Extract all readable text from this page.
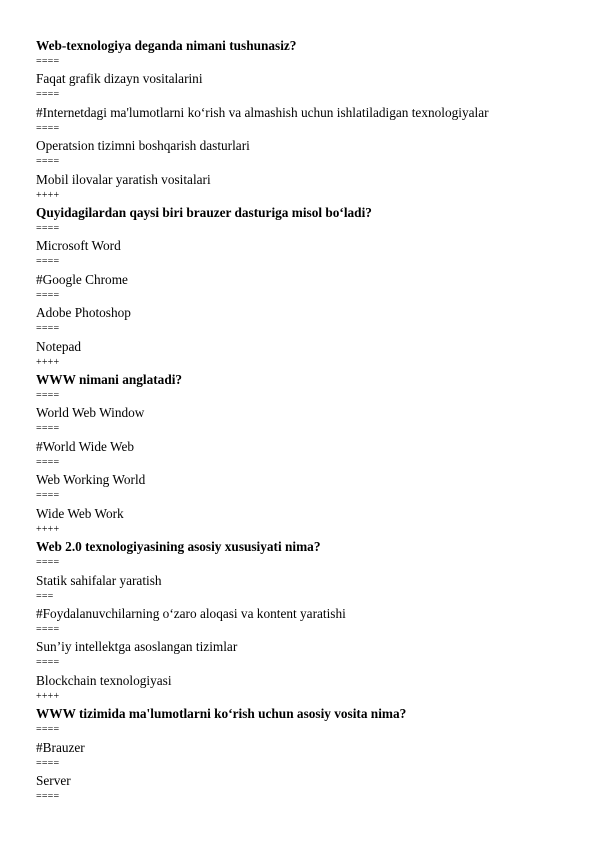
Web-texnologiya deganda nimani tushunasiz?
====
Faqat grafik dizayn vositalarini
====
#Internetdagi ma'lumotlarni ko‘rish va almashish uchun ishlatiladigan texnologiyalar
====
Operatsion tizimni boshqarish dasturlari
====
Mobil ilovalar yaratish vositalari
++++
Quyidagilardan qaysi biri brauzer dasturiga misol bo‘ladi?
====
Microsoft Word
====
#Google Chrome
====
Adobe Photoshop
====
Notepad
++++
WWW nimani anglatadi?
====
World Web Window
====
#World Wide Web
====
Web Working World
====
Wide Web Work
++++
Web 2.0 texnologiyasining asosiy xususiyati nima?
====
Statik sahifalar yaratish
===
#Foydalanuvchilarning o‘zaro aloqasi va kontent yaratishi
====
Sun’iy intellektga asoslangan tizimlar
====
Blockchain texnologiyasi
++++
WWW tizimida ma'lumotlarni ko‘rish uchun asosiy vosita nima?
====
#Brauzer
====
Server
====
